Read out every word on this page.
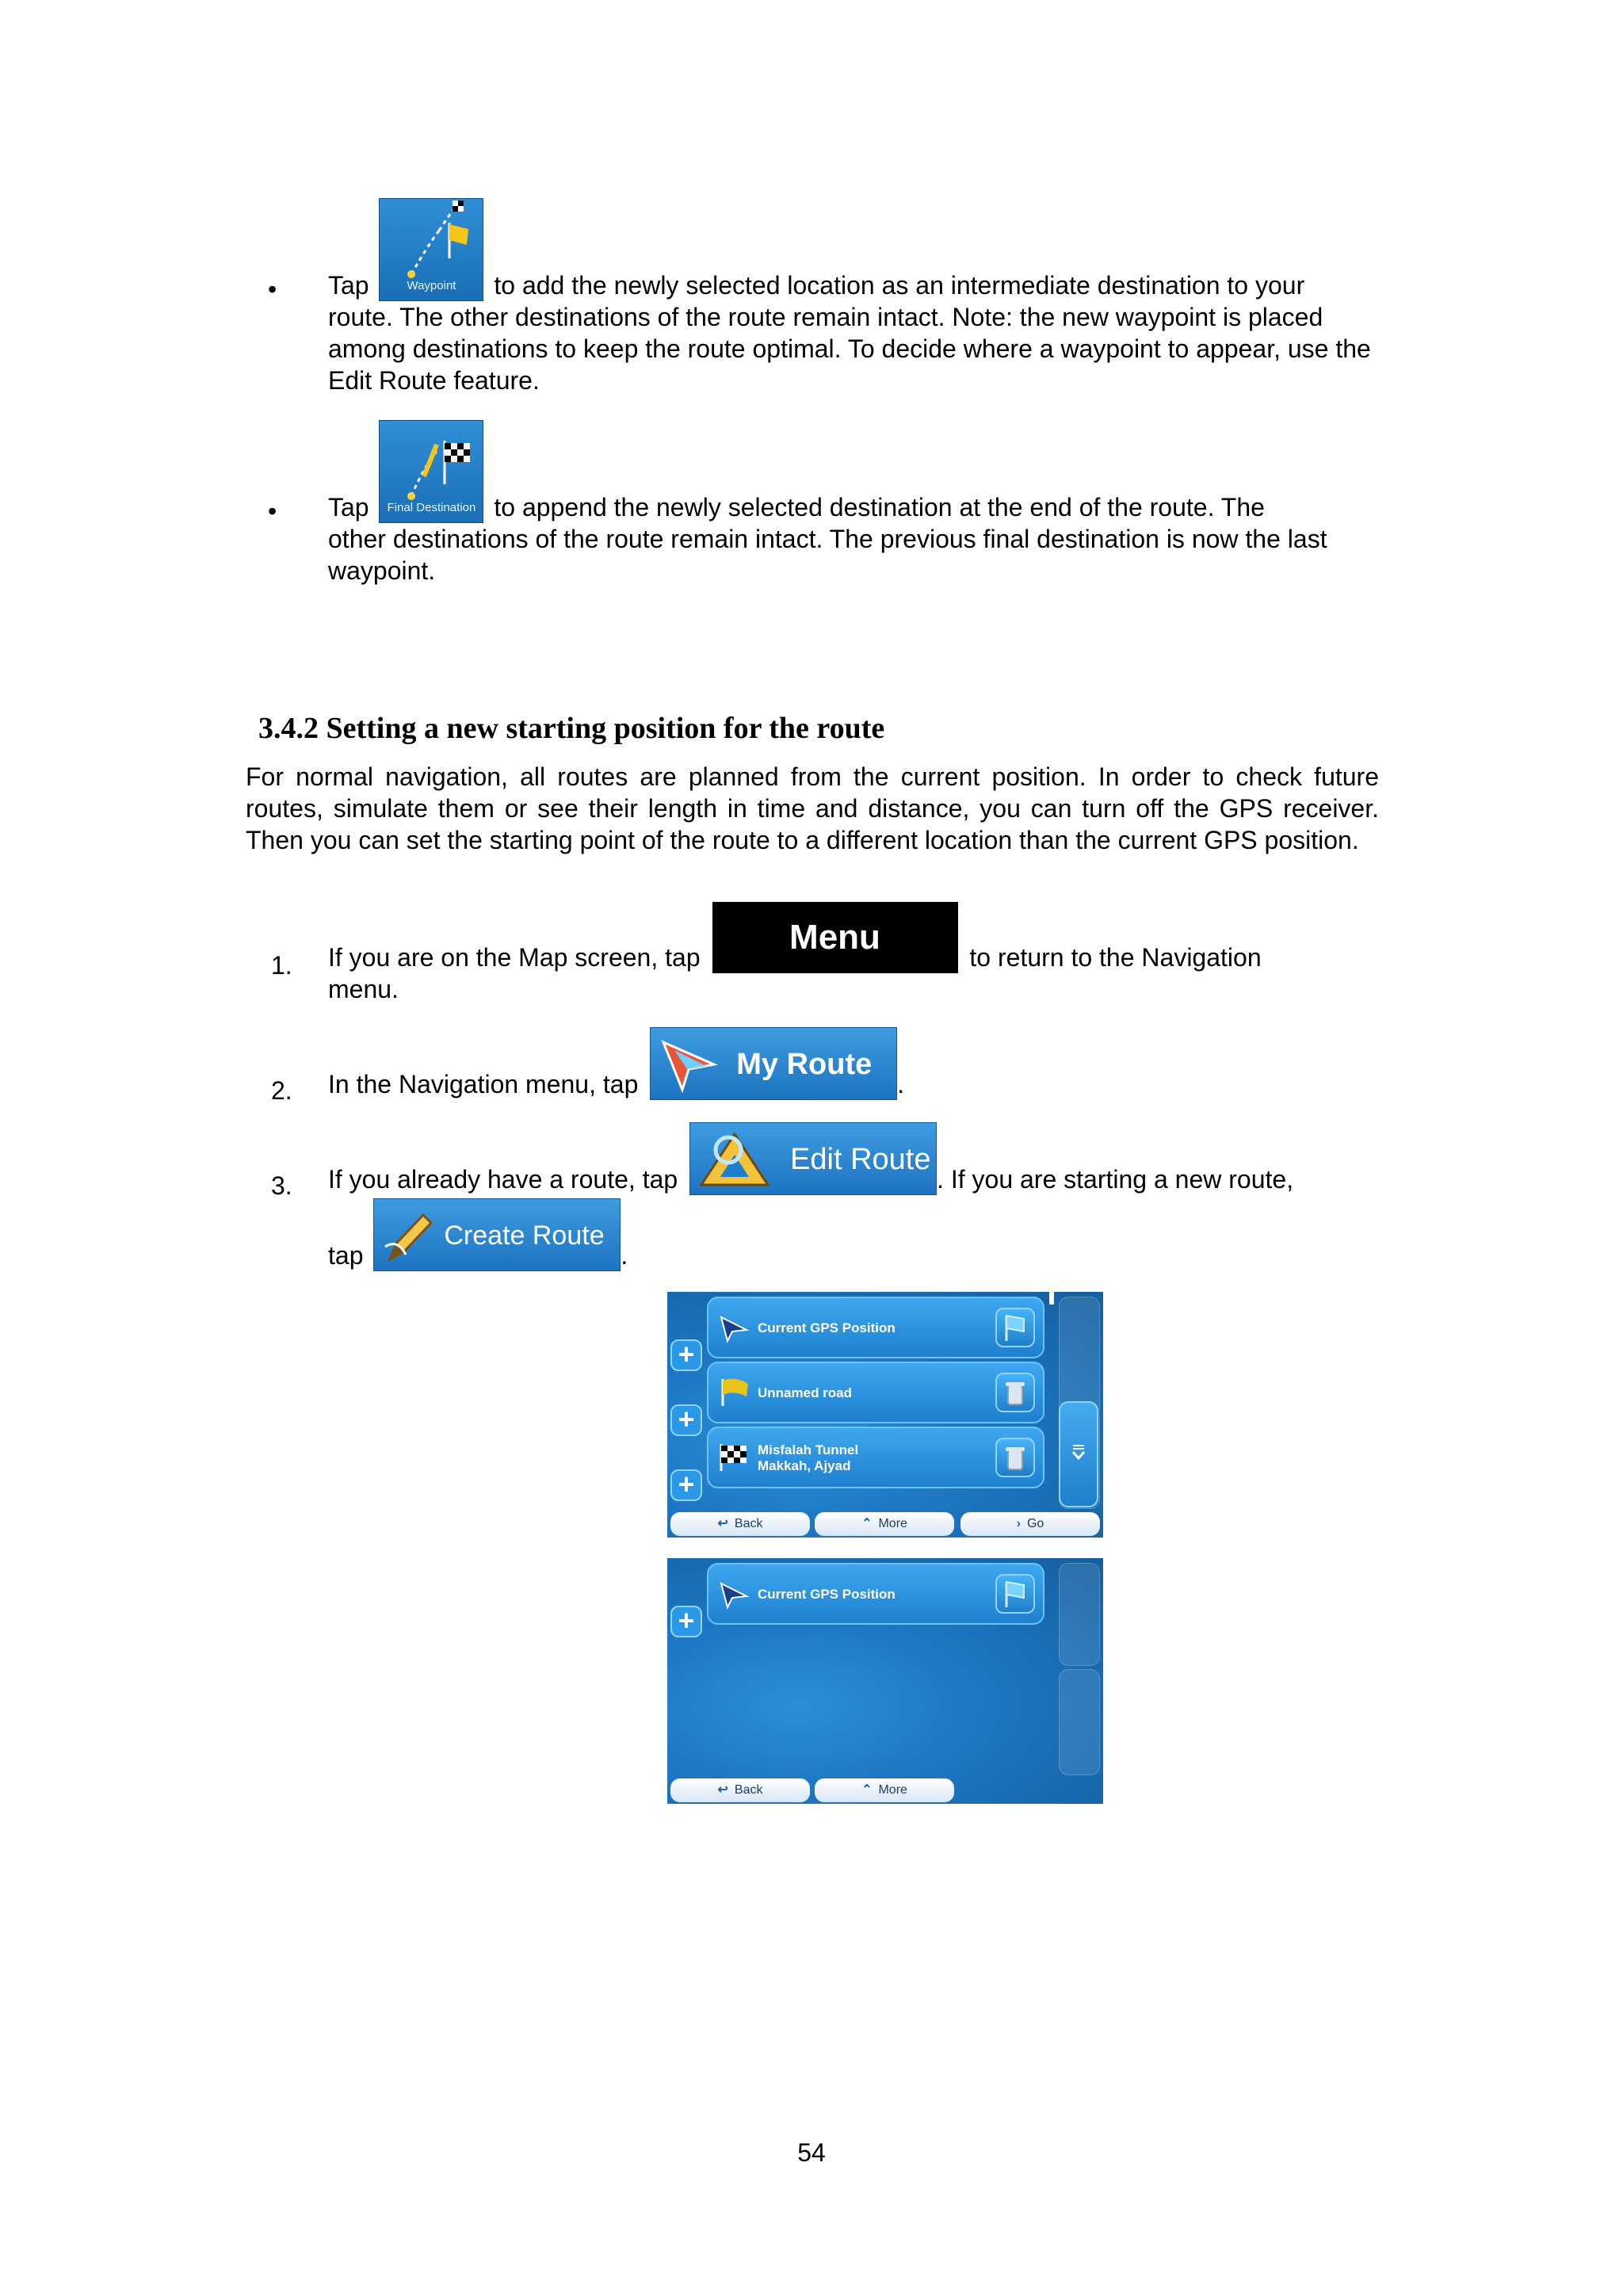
• Tap	Waypoint	to add the newly selected location as an intermediate destination to your
route. The other destinations of the route remain intact. Note: the new waypoint is placed among destinations to keep the route optimal. To decide where a waypoint to appear, use the Edit Route feature.
• Tap	Final Destination to append the newly selected destination at the end of the route. The
other destinations of the route remain intact. The previous final destination is now the last waypoint.
3.4.2 Setting a new starting position for the route
For normal navigation, all routes are planned from the current position. In order to check future routes, simulate them or see their length in time and distance, you can turn off the GPS receiver. Then you can set the starting point of the route to a different location than the current GPS position.
1. If you are on the Map screen, tap Menu to return to the Navigation
menu.
2. In the Navigation menu, tap
My Route
.
3. If you already have a route, tap
Edit Route
. If you are starting a new route,
tap
Create Route
.
+
+
+
Current GPS Position
Unnamed road
Misfalah Tunnel
Makkah, Ajyad
↩ Back	⌃ More	› Go
+
Current GPS Position
↩ Back	⌃ More
54
